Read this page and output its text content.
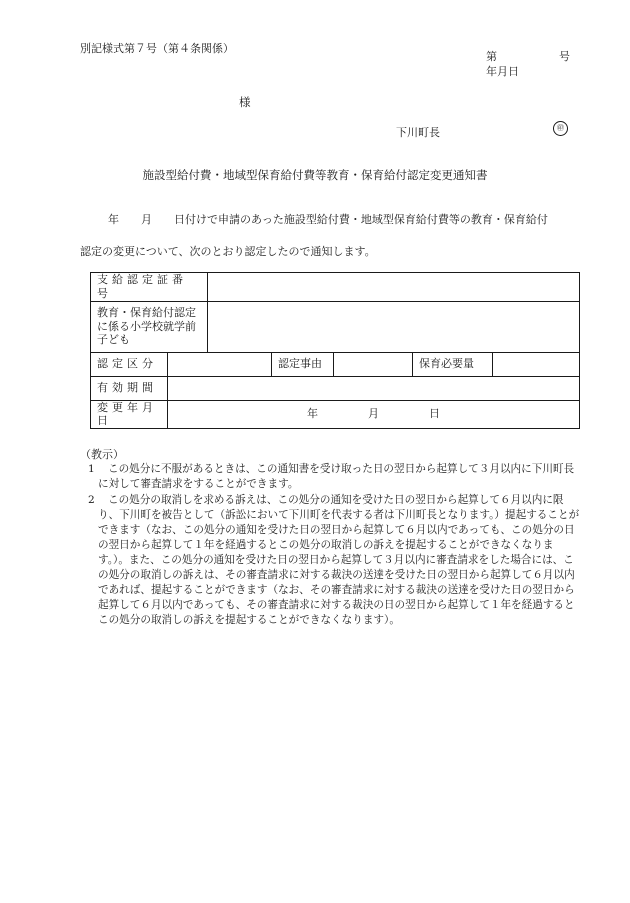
別記様式第７号（第４条関係）
第	号
年月日
様
下川町長	㊞
施設型給付費・地域型保育給付費等教育・保育給付認定変更通知書
年　　月　　日付けで申請のあった施設型給付費・地域型保育給付費等の教育・保育給付
認定の変更について、次のとおり認定したので通知します。
支給認定証番号						
教育・保育給付認定に係る小学校就学前子ども						
認定区分			認定事由		保育必要量	
有効期間						
変更年月日	年 月 日					
（教示）
1	この処分に不服があるときは、この通知書を受け取った日の翌日から起算して３月以内に下川町長に対して審査請求をすることができます。
2	この処分の取消しを求める訴えは、この処分の通知を受けた日の翌日から起算して６月以内に限り、下川町を被告として（訴訟において下川町を代表する者は下川町長となります。）提起することができます（なお、この処分の通知を受けた日の翌日から起算して６月以内であっても、この処分の日の翌日から起算して１年を経過するとこの処分の取消しの訴えを提起することができなくなります。）。また、この処分の通知を受けた日の翌日から起算して３月以内に審査請求をした場合には、この処分の取消しの訴えは、その審査請求に対する裁決の送達を受けた日の翌日から起算して６月以内であれば、提起することができます（なお、その審査請求に対する裁決の送達を受けた日の翌日から起算して６月以内であっても、その審査請求に対する裁決の日の翌日から起算して１年を経過するとこの処分の取消しの訴えを提起することができなくなります）。
